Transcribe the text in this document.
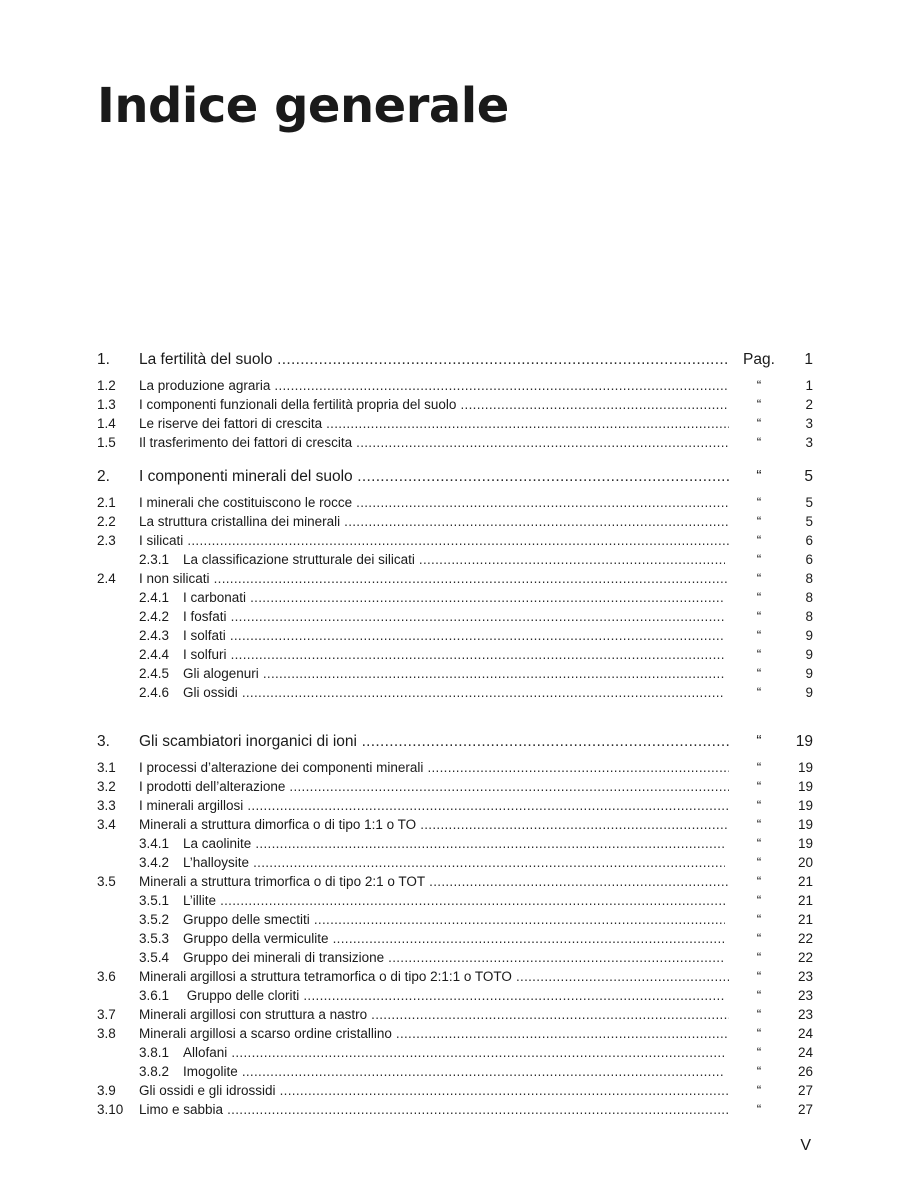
Indice generale
1. La fertilità del suolo .....	Pag.	1
1.2 La produzione agraria .....	“	1
1.3 I componenti funzionali della fertilità propria del suolo .....	“	2
1.4 Le riserve dei fattori di crescita .....	“	3
1.5 Il trasferimento dei fattori di crescita .....	“	3
2. I componenti minerali del suolo .....	“	5
2.1 I minerali che costituiscono le rocce .....	“	5
2.2 La struttura cristallina dei minerali .....	“	5
2.3 I silicati .....	“	6
2.3.1 La classificazione strutturale dei silicati .....	“	6
2.4 I non silicati .....	“	8
2.4.1 I carbonati .....	“	8
2.4.2 I fosfati .....	“	8
2.4.3 I solfati .....	“	9
2.4.4 I solfuri .....	“	9
2.4.5 Gli alogenuri .....	“	9
2.4.6 Gli ossidi .....	“	9
3. Gli scambiatori inorganici di ioni .....	“	19
3.1 I processi d’alterazione dei componenti minerali .....	“	19
3.2 I prodotti dell’alterazione .....	“	19
3.3 I minerali argillosi .....	“	19
3.4 Minerali a struttura dimorfica o di tipo 1:1 o TO .....	“	19
3.4.1 La caolinite .....	“	19
3.4.2 L’halloysite .....	“	20
3.5 Minerali a struttura trimorfica o di tipo 2:1 o TOT .....	“	21
3.5.1 L’illite .....	“	21
3.5.2 Gruppo delle smectiti .....	“	21
3.5.3 Gruppo della vermiculite .....	“	22
3.5.4 Gruppo dei minerali di transizione .....	“	22
3.6 Minerali argillosi a struttura tetramorfica o di tipo 2:1:1 o TOTO .....	“	23
3.6.1 Gruppo delle cloriti .....	“	23
3.7 Minerali argillosi con struttura a nastro .....	“	23
3.8 Minerali argillosi a scarso ordine cristallino .....	“	24
3.8.1 Allofani .....	“	24
3.8.2 Imogolite .....	“	26
3.9 Gli ossidi e gli idrossidi .....	“	27
3.10 Limo e sabbia .....	“	27
V
